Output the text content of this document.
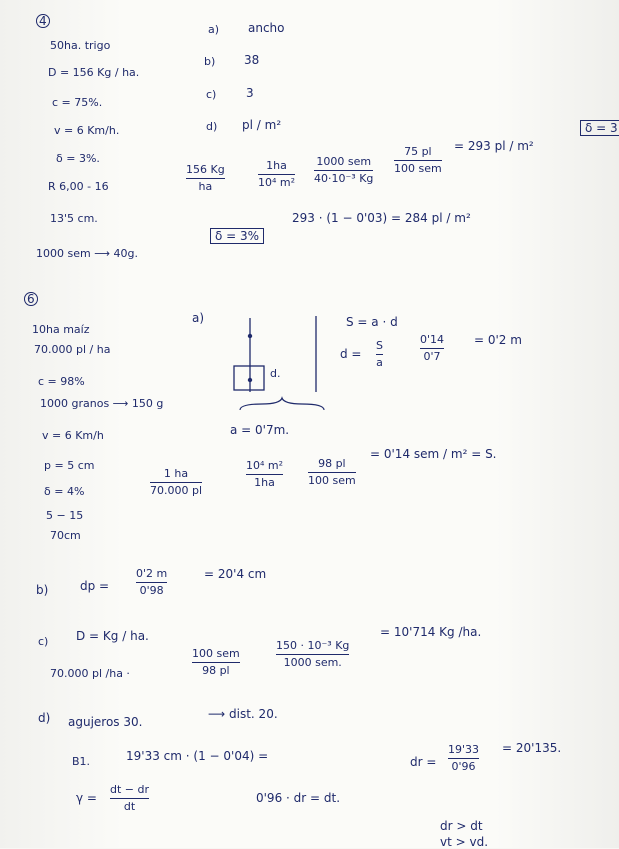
4
50ha. trigo
D = 156 Kg / ha.
c = 75%.
v = 6 Km/h.
δ = 3%.
R 6,00 - 16
13'5 cm.
a) ancho
b) 38
c) 3
d) pl / m²
156 Kg
ha
1ha
10⁴ m²
1000 sem
40·10⁻³ Kg
75 pl
100 sem
= 293 pl / m²
δ = 3
1000 sem ⟶ 40g.
δ = 3%
293 · (1 − 0'03) = 284 pl / m²
6
10ha maíz
70.000 pl / ha
c = 98%
1000 granos ⟶ 150 g
v = 6 Km/h
p = 5 cm
δ = 4%
5 − 15
70cm
a)
d.
a = 0'7m.
S = a · d
d =
S
a
0'14
0'7
= 0'2 m
1 ha
70.000 pl
10⁴ m²
1ha
98 pl
100 sem
= 0'14 sem / m² = S.
b)	dp =
0'2 m
0'98
= 20'4 cm
c) D = Kg / ha.
70.000 pl /ha ·
100 sem
98 pl
150 · 10⁻³ Kg
1000 sem.
= 10'714 Kg /ha.
d) agujeros 30.
⟶ dist. 20.
B1.	19'33 cm · (1 − 0'04) =	dr =
19'33
0'96
= 20'135.
γ =
dt − dr
dt
0'96 · dr = dt.
dr > dt
vt > vd.
